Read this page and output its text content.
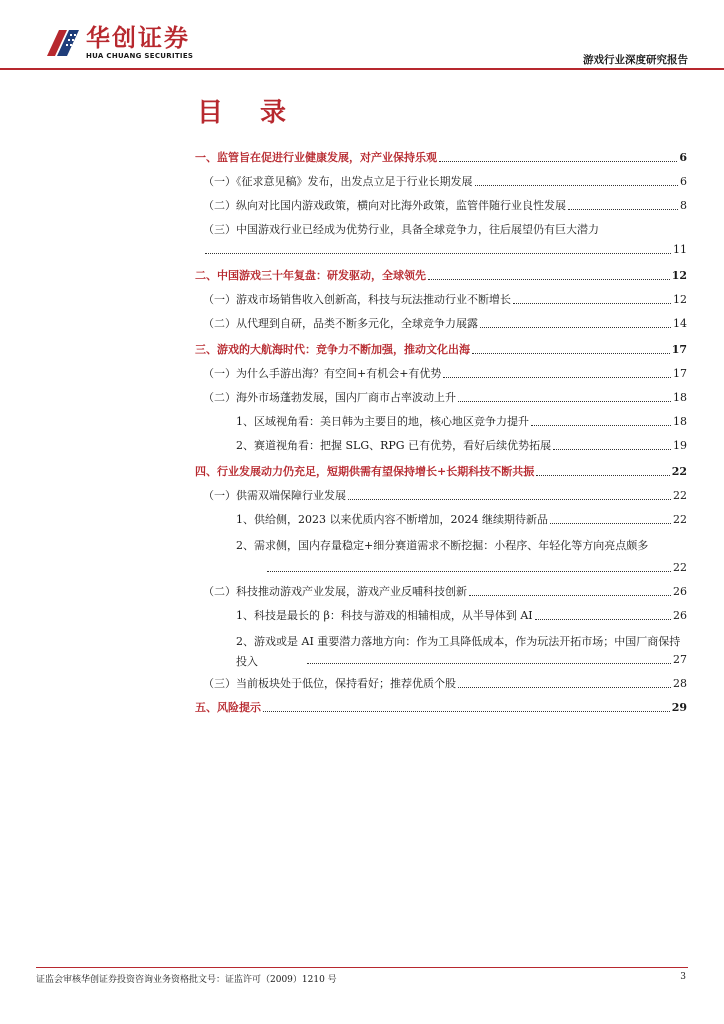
华创证券
HUA CHUANG SECURITIES	游戏行业深度研究报告
目 录
一、监管旨在促进行业健康发展，对产业保持乐观	6
（一）《征求意见稿》发布，出发点立足于行业长期发展	6
（二）纵向对比国内游戏政策，横向对比海外政策，监管伴随行业良性发展	8
（三）中国游戏行业已经成为优势行业，具备全球竞争力，往后展望仍有巨大潜力
11
二、中国游戏三十年复盘：研发驱动，全球领先	12
（一）游戏市场销售收入创新高，科技与玩法推动行业不断增长	12
（二）从代理到自研，品类不断多元化，全球竞争力展露	14
三、游戏的大航海时代：竞争力不断加强，推动文化出海	17
（一）为什么手游出海？有空间+有机会+有优势	17
（二）海外市场蓬勃发展，国内厂商市占率波动上升	18
1、区域视角看：美日韩为主要目的地，核心地区竞争力提升	18
2、赛道视角看：把握 SLG、RPG 已有优势，看好后续优势拓展	19
四、行业发展动力仍充足，短期供需有望保持增长+长期科技不断共振	22
（一）供需双端保障行业发展	22
1、供给侧，2023 以来优质内容不断增加，2024 继续期待新品	22
2、需求侧，国内存量稳定+细分赛道需求不断挖掘：小程序、年轻化等方向亮点颇多
22
（二）科技推动游戏产业发展，游戏产业反哺科技创新	26
1、科技是最长的 β：科技与游戏的相辅相成，从半导体到 AI	26
2、游戏或是 AI 重要潜力落地方向：作为工具降低成本，作为玩法开拓市场；中国厂商保持投入	27
（三）当前板块处于低位，保持看好；推荐优质个股	28
五、风险提示	29
证监会审核华创证券投资咨询业务资格批文号：证监许可（2009）1210 号	3
